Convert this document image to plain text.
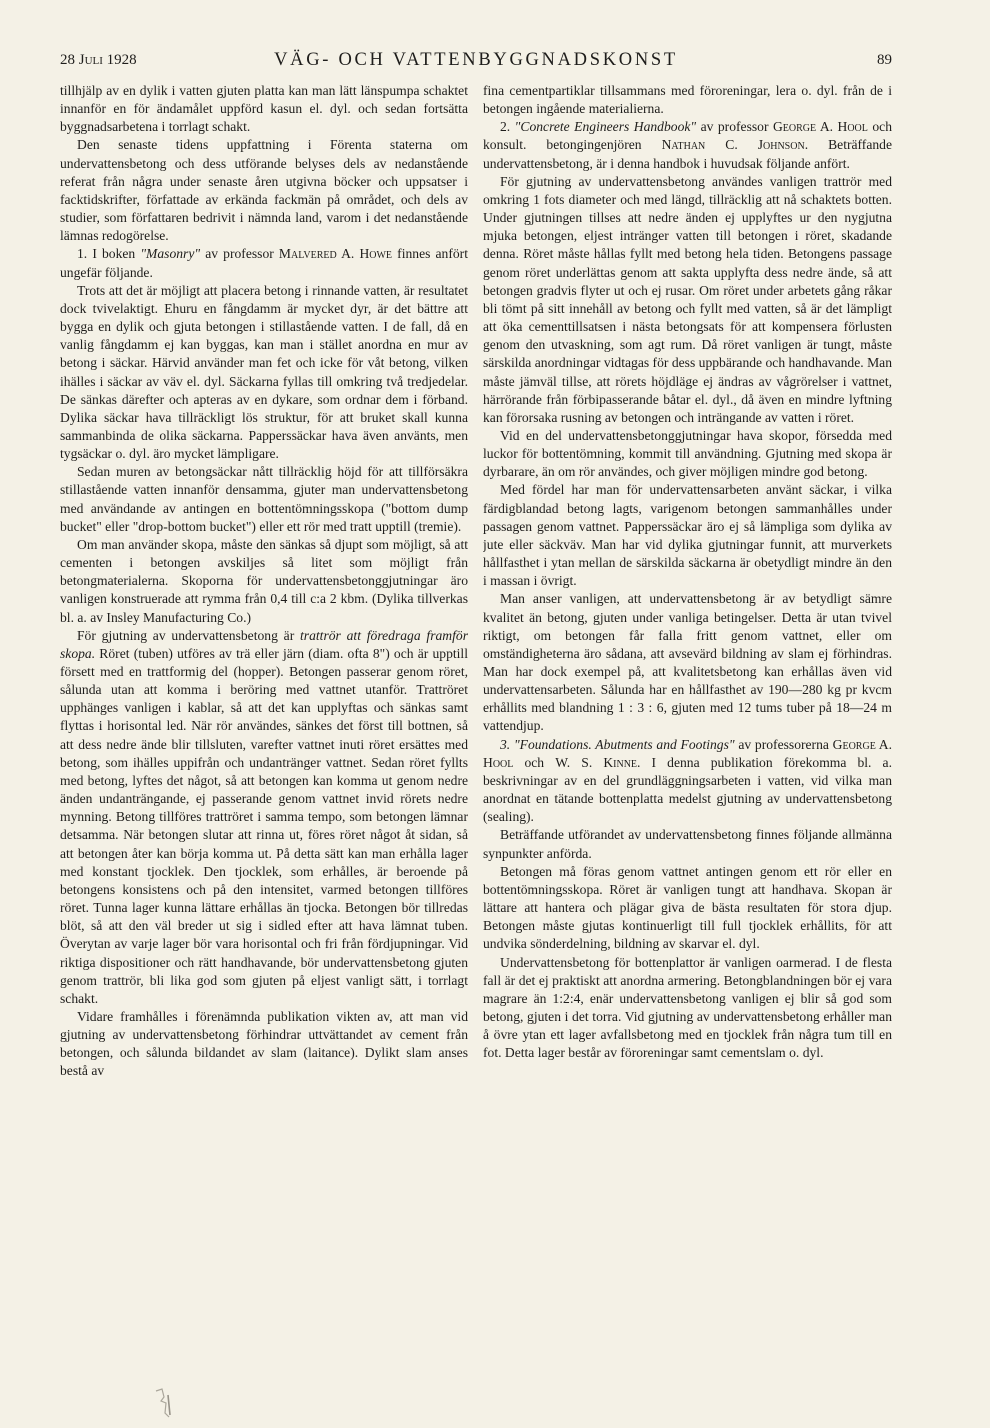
28 Juli 1928	VÄG- OCH VATTENBYGGNADSKONST	89

tillhjälp av en dylik i vatten gjuten platta kan man lätt länspumpa schaktet innanför en för ändamålet uppförd kasun el. dyl. och sedan fortsätta byggnadsarbetena i torrlagt schakt.

Den senaste tidens uppfattning i Förenta staterna om undervattensbetong och dess utförande belyses dels av nedanstående referat från några under senaste åren utgivna böcker och uppsatser i facktidskrifter, författade av erkända fackmän på området, och dels av studier, som författaren bedrivit i nämnda land, varom i det nedanstående lämnas redogörelse.

1. I boken "Masonry" av professor Malvered A. Howe finnes anfört ungefär följande.

Trots att det är möjligt att placera betong i rinnande vatten, är resultatet dock tvivelaktigt. Ehuru en fångdamm är mycket dyr, är det bättre att bygga en dylik och gjuta betongen i stillastående vatten. I de fall, då en vanlig fångdamm ej kan byggas, kan man i stället anordna en mur av betong i säckar. Härvid använder man fet och icke för våt betong, vilken ihälles i säckar av väv el. dyl. Säckarna fyllas till omkring två tredjedelar. De sänkas därefter och apteras av en dykare, som ordnar dem i förband. Dylika säckar hava tillräckligt lös struktur, för att bruket skall kunna sammanbinda de olika säckarna. Papperssäckar hava även använts, men tygsäckar o. dyl. äro mycket lämpligare.

Sedan muren av betongsäckar nått tillräcklig höjd för att tillförsäkra stillastående vatten innanför densamma, gjuter man undervattensbetong med användande av antingen en bottentömningsskopa ("bottom dump bucket" eller "drop-bottom bucket") eller ett rör med tratt upptill (tremie).

Om man använder skopa, måste den sänkas så djupt som möjligt, så att cementen i betongen avskiljes så litet som möjligt från betongmaterialerna. Skoporna för undervattensbetonggjutningar äro vanligen konstruerade att rymma från 0,4 till c:a 2 kbm. (Dylika tillverkas bl. a. av Insley Manufacturing Co.)

För gjutning av undervattensbetong är trattrör att föredraga framför skopa. Röret (tuben) utföres av trä eller järn (diam. ofta 8") och är upptill försett med en trattformig del (hopper). Betongen passerar genom röret, sålunda utan att komma i beröring med vattnet utanför. Trattröret upphänges vanligen i kablar, så att det kan upplyftas och sänkas samt flyttas i horisontal led. När rör användes, sänkes det först till bottnen, så att dess nedre ände blir tillsluten, varefter vattnet inuti röret ersättes med betong, som ihälles uppifrån och undantränger vattnet. Sedan röret fyllts med betong, lyftes det något, så att betongen kan komma ut genom nedre änden undanträngande, ej passerande genom vattnet invid rörets nedre mynning. Betong tillföres trattröret i samma tempo, som betongen lämnar detsamma. När betongen slutar att rinna ut, föres röret något åt sidan, så att betongen åter kan börja komma ut. På detta sätt kan man erhålla lager med konstant tjocklek. Den tjocklek, som erhålles, är beroende på betongens konsistens och på den intensitet, varmed betongen tillföres röret. Tunna lager kunna lättare erhållas än tjocka. Betongen bör tillredas blöt, så att den väl breder ut sig i sidled efter att hava lämnat tuben. Överytan av varje lager bör vara horisontal och fri från fördjupningar. Vid riktiga dispositioner och rätt handhavande, bör undervattensbetong gjuten genom trattrör, bli lika god som gjuten på eljest vanligt sätt, i torrlagt schakt.

Vidare framhålles i förenämnda publikation vikten av, att man vid gjutning av undervattensbetong förhindrar uttvättandet av cement från betongen, och sålunda bildandet av slam (laitance). Dylikt slam anses bestå av

fina cementpartiklar tillsammans med föroreningar, lera o. dyl. från de i betongen ingående materialierna.

2. "Concrete Engineers Handbook" av professor George A. Hool och konsult. betongingenjören Nathan C. Johnson. Beträffande undervattensbetong, är i denna handbok i huvudsak följande anfört.

För gjutning av undervattensbetong användes vanligen trattrör med omkring 1 fots diameter och med längd, tillräcklig att nå schaktets botten. Under gjutningen tillses att nedre änden ej upplyftes ur den nygjutna mjuka betongen, eljest intränger vatten till betongen i röret, skadande denna. Röret måste hållas fyllt med betong hela tiden. Betongens passage genom röret underlättas genom att sakta upplyfta dess nedre ände, så att betongen gradvis flyter ut och ej rusar. Om röret under arbetets gång råkar bli tömt på sitt innehåll av betong och fyllt med vatten, så är det lämpligt att öka cementtillsatsen i nästa betongsats för att kompensera förlusten genom den utvaskning, som agt rum. Då röret vanligen är tungt, måste särskilda anordningar vidtagas för dess uppbärande och handhavande. Man måste jämväl tillse, att rörets höjdläge ej ändras av vågrörelser i vattnet, härrörande från förbipasserande båtar el. dyl., då även en mindre lyftning kan förorsaka rusning av betongen och inträngande av vatten i röret.

Vid en del undervattensbetonggjutningar hava skopor, försedda med luckor för bottentömning, kommit till användning. Gjutning med skopa är dyrbarare, än om rör användes, och giver möjligen mindre god betong.

Med fördel har man för undervattensarbeten använt säckar, i vilka färdigblandad betong lagts, varigenom betongen sammanhålles under passagen genom vattnet. Papperssäckar äro ej så lämpliga som dylika av jute eller säckväv. Man har vid dylika gjutningar funnit, att murverkets hållfasthet i ytan mellan de särskilda säckarna är obetydligt mindre än den i massan i övrigt.

Man anser vanligen, att undervattensbetong är av betydligt sämre kvalitet än betong, gjuten under vanliga betingelser. Detta är utan tvivel riktigt, om betongen får falla fritt genom vattnet, eller om omständigheterna äro sådana, att avsevärd bildning av slam ej förhindras. Man har dock exempel på, att kvalitetsbetong kan erhållas även vid undervattensarbeten. Sålunda har en hållfasthet av 190—280 kg pr kvcm erhållits med blandning 1 : 3 : 6, gjuten med 12 tums tuber på 18—24 m vattendjup.

3. "Foundations. Abutments and Footings" av professorerna George A. Hool och W. S. Kinne. I denna publikation förekomma bl. a. beskrivningar av en del grundläggningsarbeten i vatten, vid vilka man anordnat en tätande bottenplatta medelst gjutning av undervattensbetong (sealing).

Beträffande utförandet av undervattensbetong finnes följande allmänna synpunkter anförda.

Betongen må föras genom vattnet antingen genom ett rör eller en bottentömningsskopa. Röret är vanligen tungt att handhava. Skopan är lättare att hantera och plägar giva de bästa resultaten för stora djup. Betongen måste gjutas kontinuerligt till full tjocklek erhållits, för att undvika sönderdelning, bildning av skarvar el. dyl.

Undervattensbetong för bottenplattor är vanligen oarmerad. I de flesta fall är det ej praktiskt att anordna armering. Betongblandningen bör ej vara magrare än 1:2:4, enär undervattensbetong vanligen ej blir så god som betong, gjuten i det torra. Vid gjutning av undervattensbetong erhåller man å övre ytan ett lager avfallsbetong med en tjocklek från några tum till en fot. Detta lager består av föroreningar samt cementslam o. dyl.
